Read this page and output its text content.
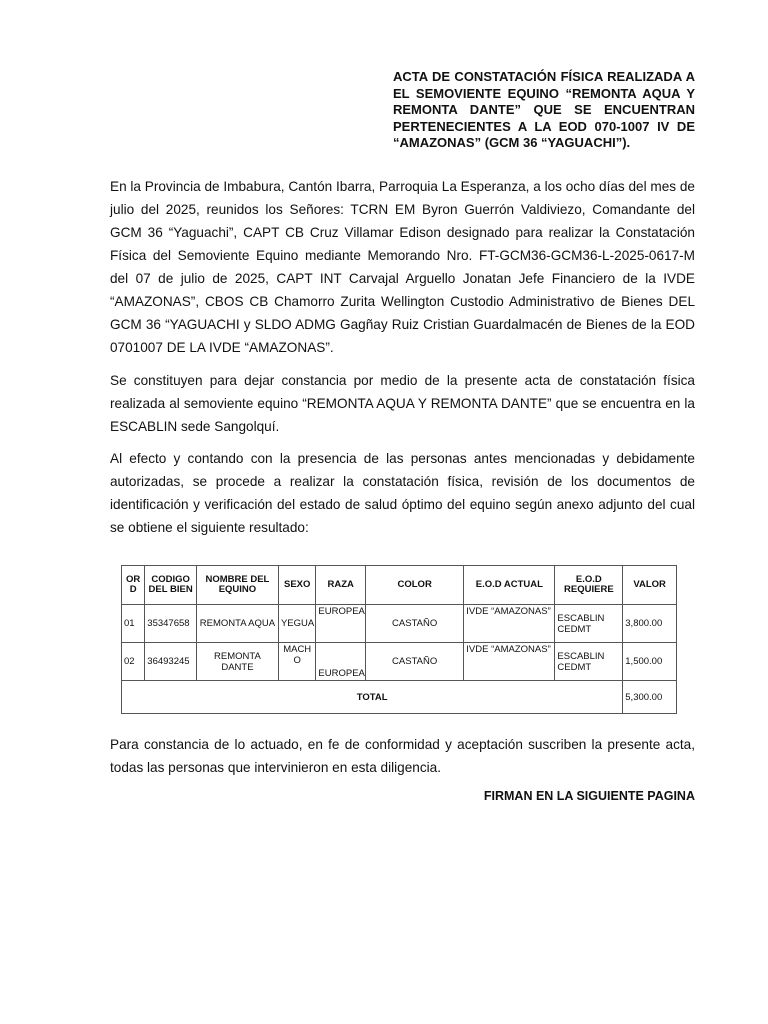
ACTA DE CONSTATACIÓN FÍSICA REALIZADA A EL SEMOVIENTE EQUINO “REMONTA AQUA Y REMONTA DANTE” QUE SE ENCUENTRAN PERTENECIENTES A LA EOD 070-1007 IV DE “AMAZONAS” (GCM 36 “YAGUACHI”).

En la Provincia de Imbabura, Cantón Ibarra, Parroquia La Esperanza, a los ocho días del mes de julio del 2025, reunidos los Señores: TCRN EM Byron Guerrón Valdiviezo, Comandante del GCM 36 “Yaguachi”, CAPT CB Cruz Villamar Edison designado para realizar la Constatación Física del Semoviente Equino mediante Memorando Nro. FT-GCM36-GCM36-L-2025-0617-M del 07 de julio de 2025, CAPT INT Carvajal Arguello Jonatan Jefe Financiero de la IVDE “AMAZONAS”, CBOS CB Chamorro Zurita Wellington Custodio Administrativo de Bienes DEL GCM 36 “YAGUACHI y SLDO ADMG Gagñay Ruiz Cristian Guardalmacén de Bienes de la EOD 0701007 DE LA IVDE “AMAZONAS”.

Se constituyen para dejar constancia por medio de la presente acta de constatación física realizada al semoviente equino “REMONTA AQUA Y REMONTA DANTE” que se encuentra en la ESCABLIN sede Sangolquí.

Al efecto y contando con la presencia de las personas antes mencionadas y debidamente autorizadas, se procede a realizar la constatación física, revisión de los documentos de identificación y verificación del estado de salud óptimo del equino según anexo adjunto del cual se obtiene el siguiente resultado:

ORD	CODIGO DEL BIEN	NOMBRE DEL EQUINO	SEXO	RAZA	COLOR	E.O.D ACTUAL	E.O.D REQUIERE	VALOR
01	35347658	REMONTA AQUA	YEGUA	EUROPEA	CASTAÑO	IVDE “AMAZONAS”	ESCABLIN CEDMT	3,800.00
02	36493245	REMONTA DANTE	MACHO	EUROPEA	CASTAÑO	IVDE “AMAZONAS”	ESCABLIN CEDMT	1,500.00
TOTAL								5,300.00

Para constancia de lo actuado, en fe de conformidad y aceptación suscriben la presente acta, todas las personas que intervinieron en esta diligencia.

FIRMAN EN LA SIGUIENTE PAGINA
